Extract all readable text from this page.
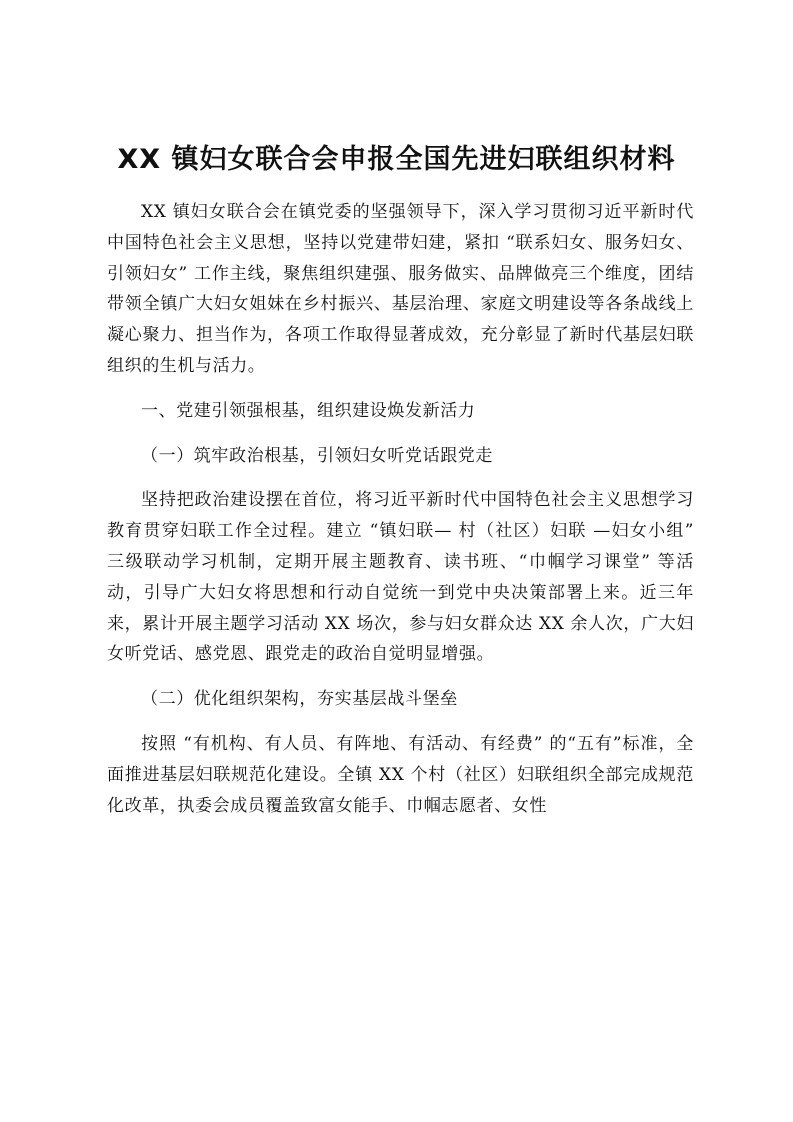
XX 镇妇女联合会申报全国先进妇联组织材料

XX 镇妇女联合会在镇党委的坚强领导下，深入学习贯彻习近平新时代中国特色社会主义思想，坚持以党建带妇建，紧扣 “联系妇女、服务妇女、引领妇女” 工作主线，聚焦组织建强、服务做实、品牌做亮三个维度，团结带领全镇广大妇女姐妹在乡村振兴、基层治理、家庭文明建设等各条战线上凝心聚力、担当作为，各项工作取得显著成效，充分彰显了新时代基层妇联组织的生机与活力。

一、党建引领强根基，组织建设焕发新活力

（一）筑牢政治根基，引领妇女听党话跟党走

坚持把政治建设摆在首位，将习近平新时代中国特色社会主义思想学习教育贯穿妇联工作全过程。建立 “镇妇联— 村（社区）妇联 —妇女小组” 三级联动学习机制，定期开展主题教育、读书班、“巾帼学习课堂” 等活动，引导广大妇女将思想和行动自觉统一到党中央决策部署上来。近三年来，累计开展主题学习活动 XX 场次，参与妇女群众达 XX 余人次，广大妇女听党话、感党恩、跟党走的政治自觉明显增强。

（二）优化组织架构，夯实基层战斗堡垒

按照 “有机构、有人员、有阵地、有活动、有经费” 的“五有”标准，全面推进基层妇联规范化建设。全镇 XX 个村（社区）妇联组织全部完成规范化改革，执委会成员覆盖致富女能手、巾帼志愿者、女性
